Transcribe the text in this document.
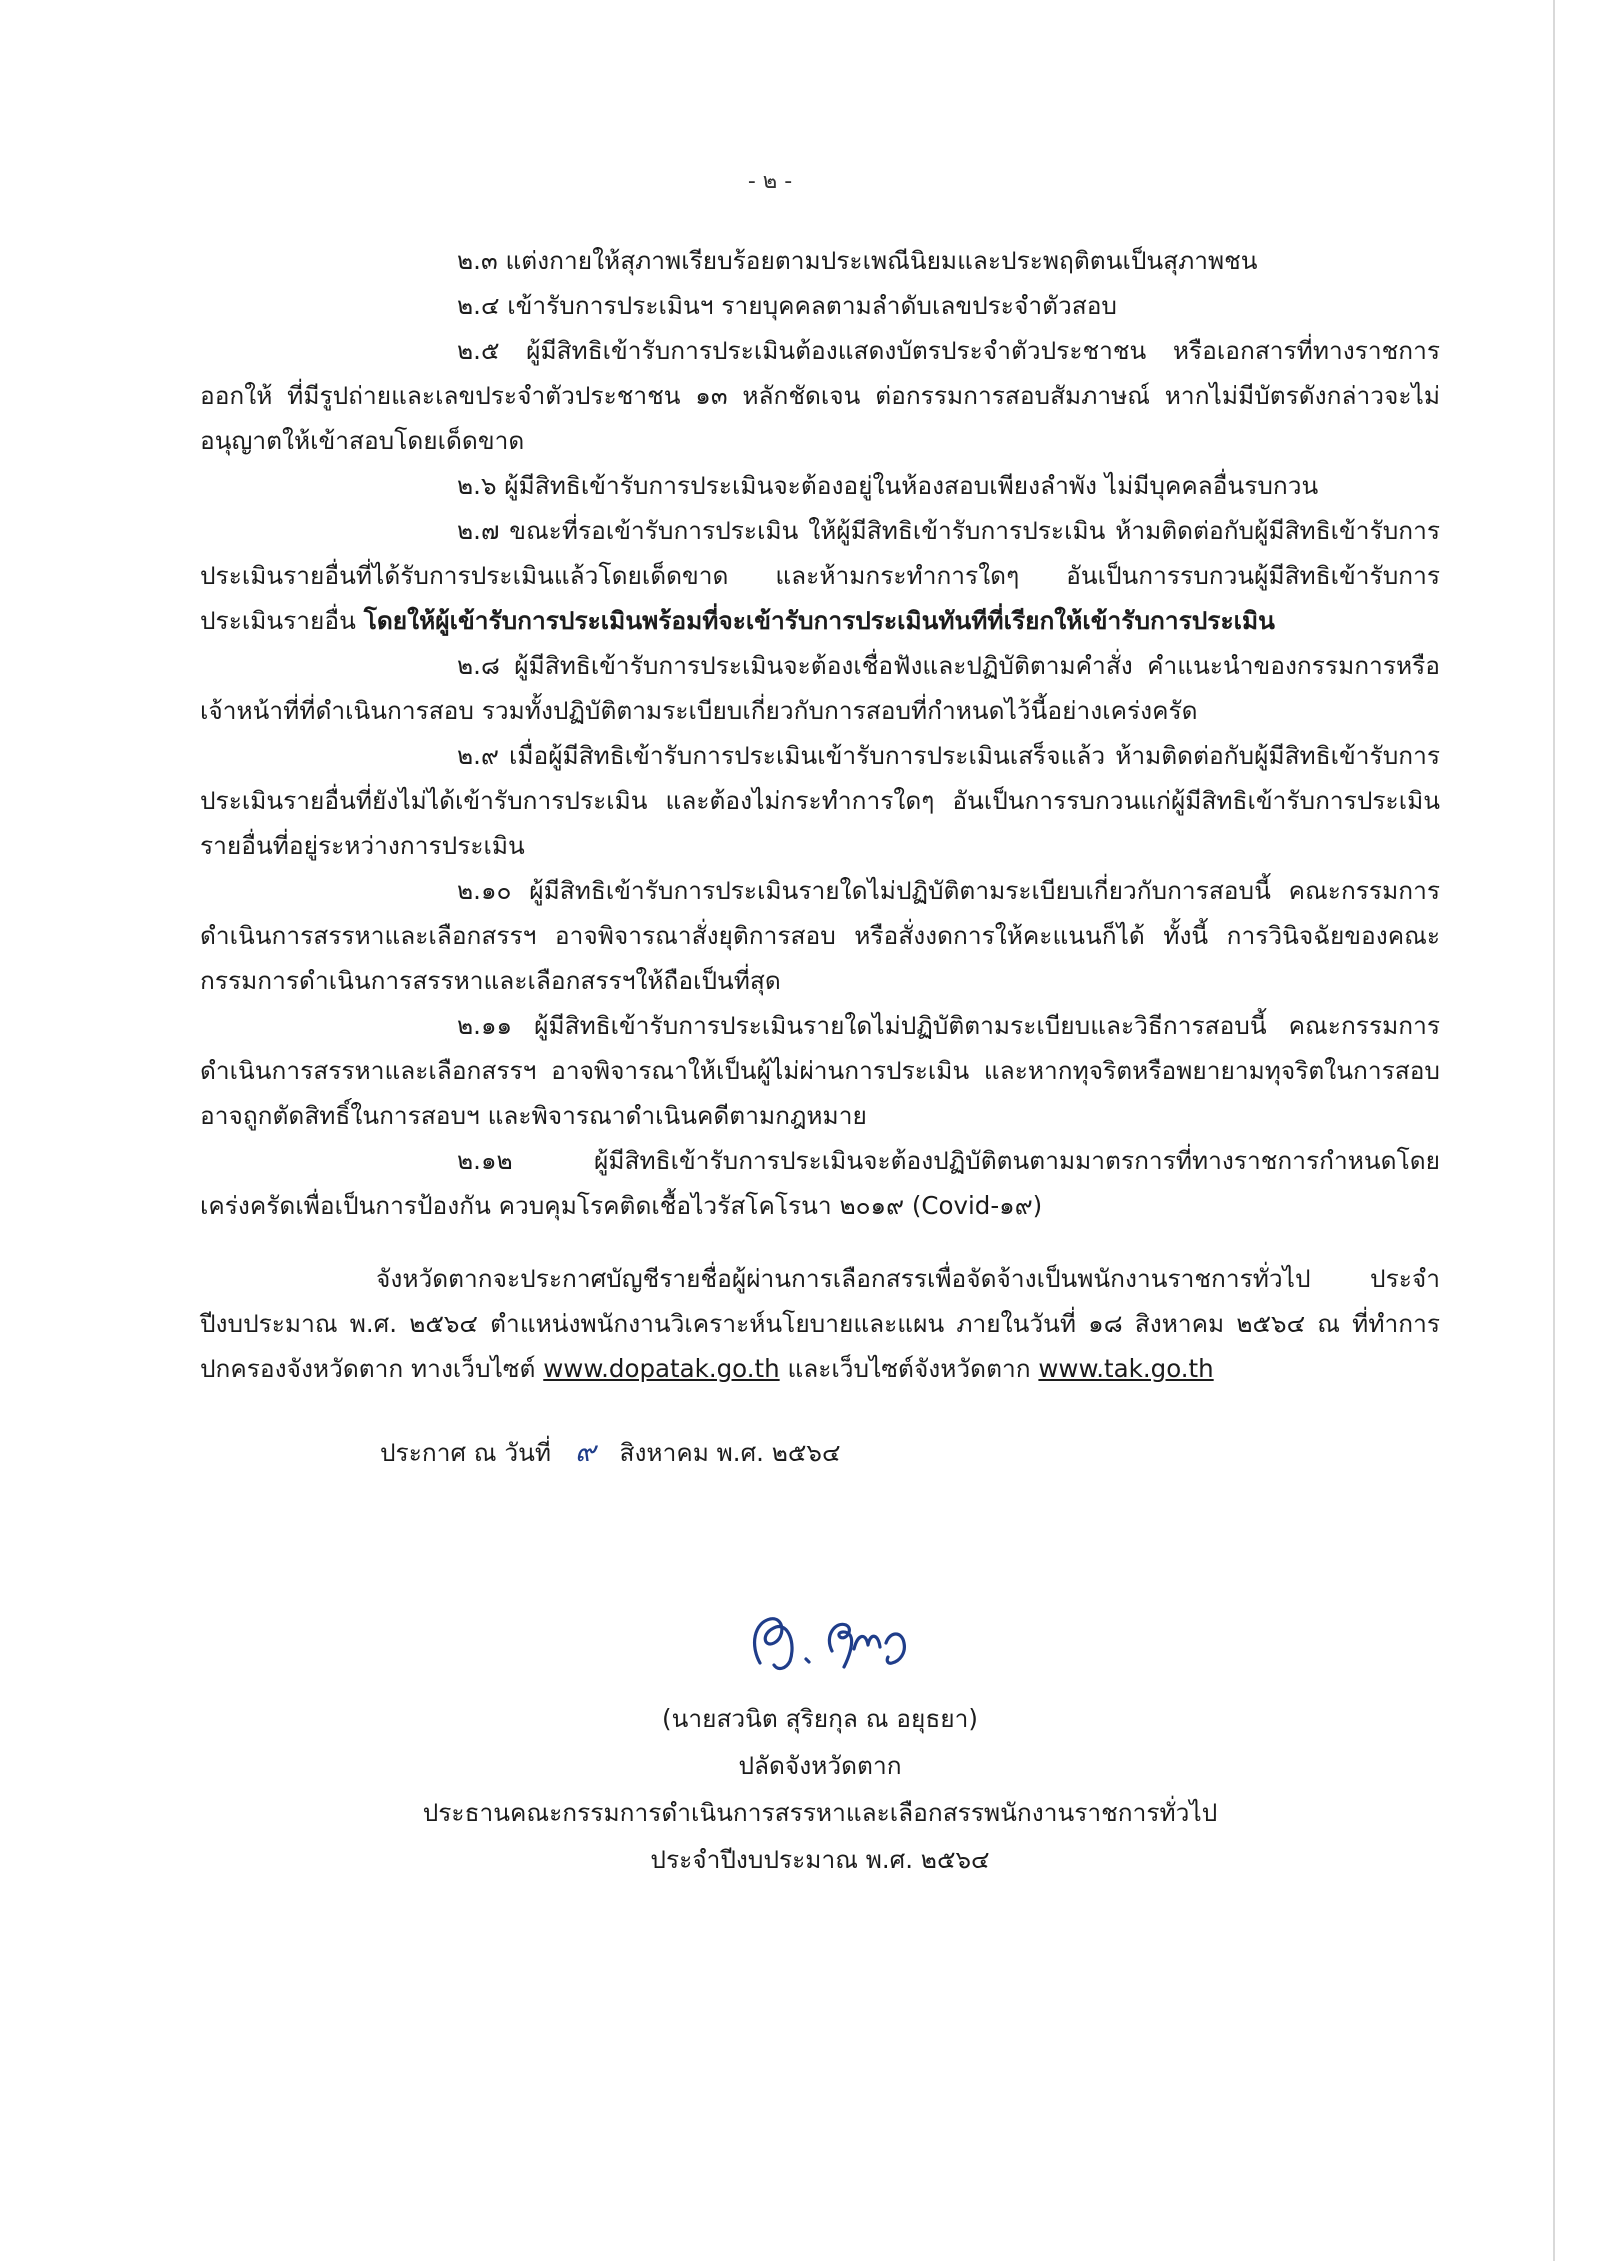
- ๒ -

๒.๓ แต่งกายให้สุภาพเรียบร้อยตามประเพณีนิยมและประพฤติตนเป็นสุภาพชน

๒.๔ เข้ารับการประเมินฯ รายบุคคลตามลำดับเลขประจำตัวสอบ

๒.๕ ผู้มีสิทธิเข้ารับการประเมินต้องแสดงบัตรประจำตัวประชาชน หรือเอกสารที่ทางราชการออกให้ ที่มีรูปถ่ายและเลขประจำตัวประชาชน ๑๓ หลักชัดเจน ต่อกรรมการสอบสัมภาษณ์ หากไม่มีบัตรดังกล่าวจะไม่อนุญาตให้เข้าสอบโดยเด็ดขาด

๒.๖ ผู้มีสิทธิเข้ารับการประเมินจะต้องอยู่ในห้องสอบเพียงลำพัง ไม่มีบุคคลอื่นรบกวน

๒.๗ ขณะที่รอเข้ารับการประเมิน ให้ผู้มีสิทธิเข้ารับการประเมิน ห้ามติดต่อกับผู้มีสิทธิเข้ารับการประเมินรายอื่นที่ได้รับการประเมินแล้วโดยเด็ดขาด และห้ามกระทำการใดๆ อันเป็นการรบกวนผู้มีสิทธิเข้ารับการประเมินรายอื่น โดยให้ผู้เข้ารับการประเมินพร้อมที่จะเข้ารับการประเมินทันทีที่เรียกให้เข้ารับการประเมิน

๒.๘ ผู้มีสิทธิเข้ารับการประเมินจะต้องเชื่อฟังและปฏิบัติตามคำสั่ง คำแนะนำของกรรมการหรือเจ้าหน้าที่ที่ดำเนินการสอบ รวมทั้งปฏิบัติตามระเบียบเกี่ยวกับการสอบที่กำหนดไว้นี้อย่างเคร่งครัด

๒.๙ เมื่อผู้มีสิทธิเข้ารับการประเมินเข้ารับการประเมินเสร็จแล้ว ห้ามติดต่อกับผู้มีสิทธิเข้ารับการประเมินรายอื่นที่ยังไม่ได้เข้ารับการประเมิน และต้องไม่กระทำการใดๆ อันเป็นการรบกวนแก่ผู้มีสิทธิเข้ารับการประเมินรายอื่นที่อยู่ระหว่างการประเมิน

๒.๑๐ ผู้มีสิทธิเข้ารับการประเมินรายใดไม่ปฏิบัติตามระเบียบเกี่ยวกับการสอบนี้ คณะกรรมการดำเนินการสรรหาและเลือกสรรฯ อาจพิจารณาสั่งยุติการสอบ หรือสั่งงดการให้คะแนนก็ได้ ทั้งนี้ การวินิจฉัยของคณะกรรมการดำเนินการสรรหาและเลือกสรรฯให้ถือเป็นที่สุด

๒.๑๑ ผู้มีสิทธิเข้ารับการประเมินรายใดไม่ปฏิบัติตามระเบียบและวิธีการสอบนี้ คณะกรรมการดำเนินการสรรหาและเลือกสรรฯ อาจพิจารณาให้เป็นผู้ไม่ผ่านการประเมิน และหากทุจริตหรือพยายามทุจริตในการสอบอาจถูกตัดสิทธิ์ในการสอบฯ และพิจารณาดำเนินคดีตามกฎหมาย

๒.๑๒ ผู้มีสิทธิเข้ารับการประเมินจะต้องปฏิบัติตนตามมาตรการที่ทางราชการกำหนดโดยเคร่งครัดเพื่อเป็นการป้องกัน ควบคุมโรคติดเชื้อไวรัสโคโรนา ๒๐๑๙ (Covid-๑๙)

จังหวัดตากจะประกาศบัญชีรายชื่อผู้ผ่านการเลือกสรรเพื่อจัดจ้างเป็นพนักงานราชการทั่วไป ประจำปีงบประมาณ พ.ศ. ๒๕๖๔ ตำแหน่งพนักงานวิเคราะห์นโยบายและแผน ภายในวันที่ ๑๘ สิงหาคม ๒๕๖๔ ณ ที่ทำการปกครองจังหวัดตาก ทางเว็บไซต์ www.dopatak.go.th และเว็บไซต์จังหวัดตาก www.tak.go.th

ประกาศ ณ วันที่ ๙ สิงหาคม พ.ศ. ๒๕๖๔

(นายสวนิต สุริยกุล ณ อยุธยา)
ปลัดจังหวัดตาก
ประธานคณะกรรมการดำเนินการสรรหาและเลือกสรรพนักงานราชการทั่วไป
ประจำปีงบประมาณ พ.ศ. ๒๕๖๔
